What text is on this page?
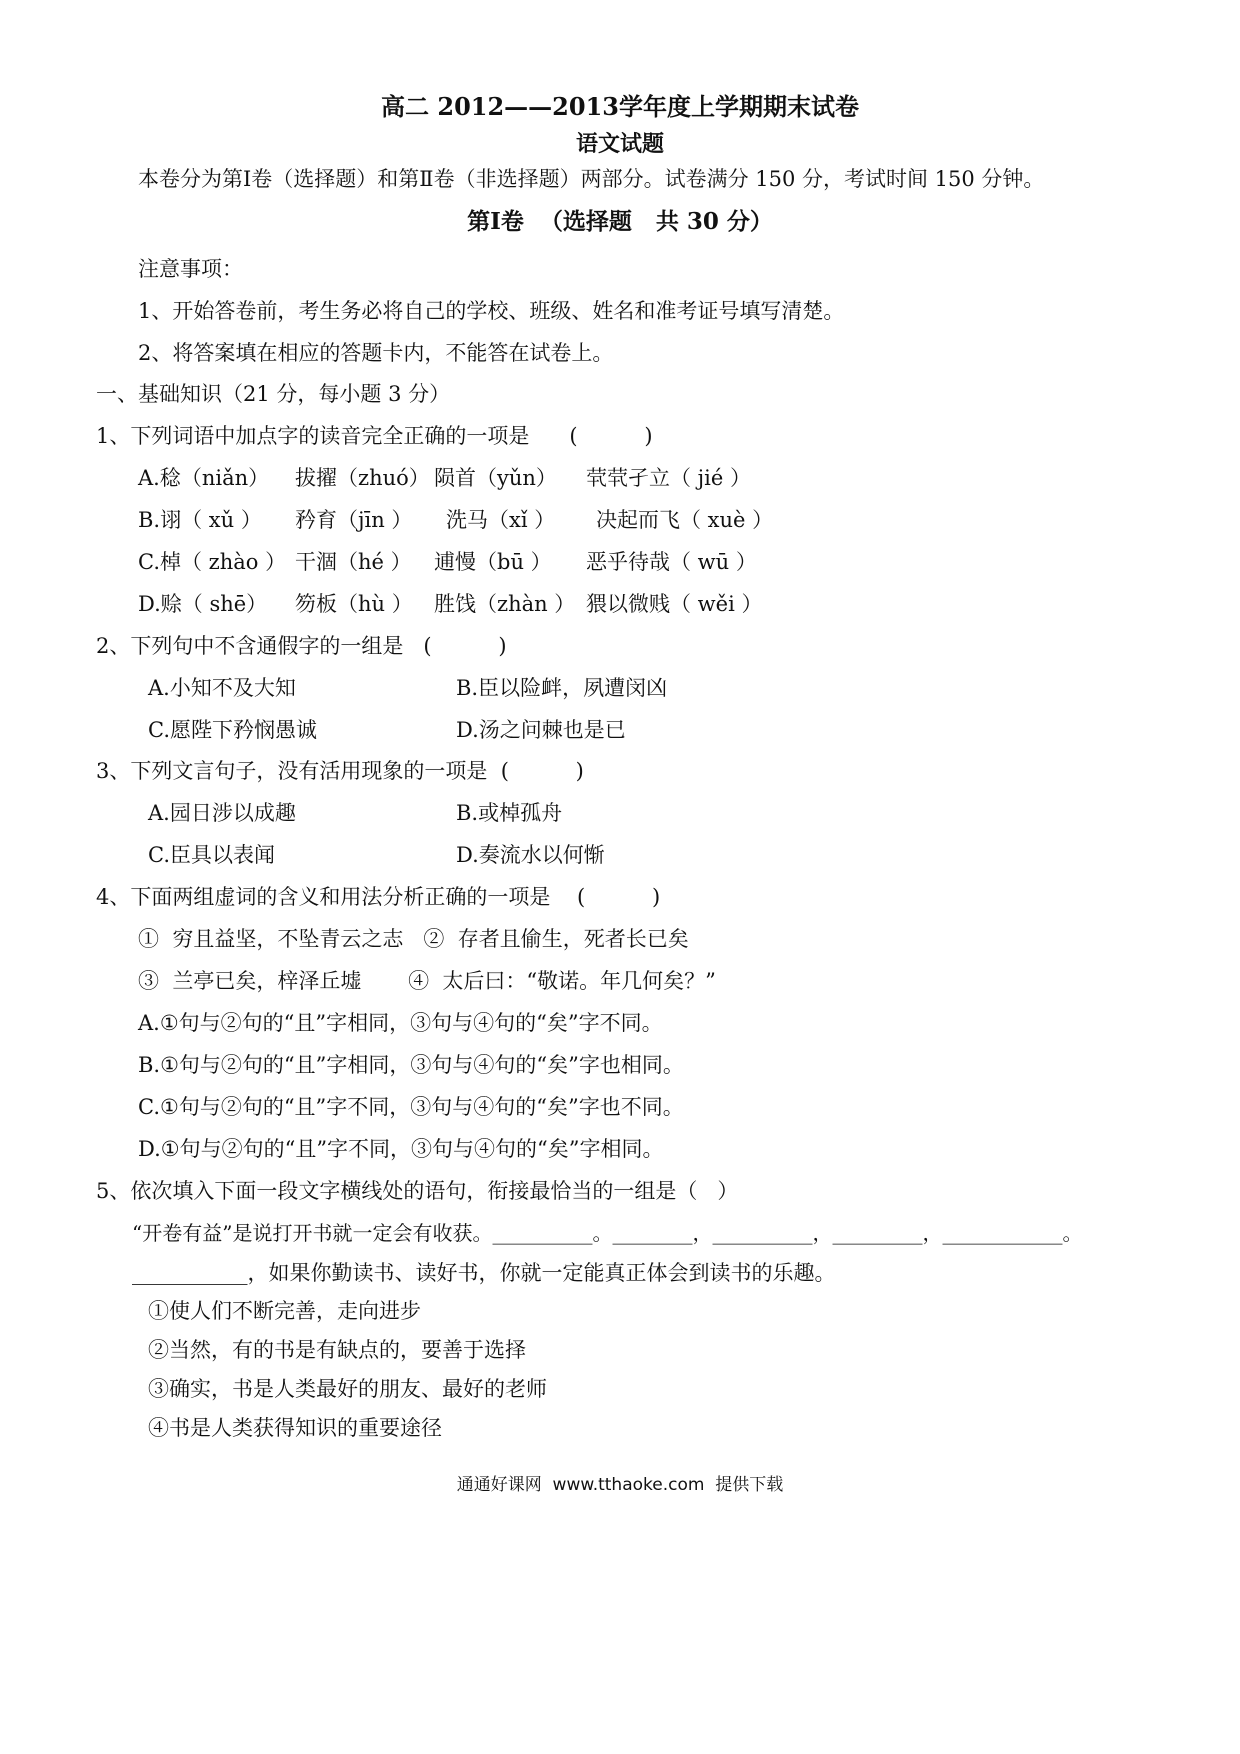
高二 2012——2013学年度上学期期末试卷
语文试题
本卷分为第Ⅰ卷（选择题）和第Ⅱ卷（非选择题）两部分。试卷满分 150 分，考试时间 150 分钟。
第Ⅰ卷  （选择题   共 30 分）
注意事项：
1、开始答卷前，考生务必将自己的学校、班级、姓名和准考证号填写清楚。
2、将答案填在相应的答题卡内，不能答在试卷上。
一、基础知识（21 分，每小题 3 分）
1、下列词语中加点字的读音完全正确的一项是      (          )
A.稔（niǎn） 拔擢（zhuó） 陨首（yǔn） 茕茕孑立（ jié ）
B.诩（ xǔ ） 矜育（jīn ） 洗马（xǐ ） 决起而飞（ xuè ）
C.棹（ zhào ） 干涸（hé ） 逋慢（bū ） 恶乎待哉（ wū ）
D.赊（ shē） 笏板（hù ） 胜饯（zhàn ） 猥以微贱（ wěi ）
2、下列句中不含通假字的一组是   (          )
A.小知不及大知	B.臣以险衅，夙遭闵凶
C.愿陛下矜悯愚诚	D.汤之问棘也是已
3、下列文言句子，没有活用现象的一项是  (          )
A.园日涉以成趣	B.或棹孤舟
C.臣具以表闻	D.奏流水以何惭
4、下面两组虚词的含义和用法分析正确的一项是    (          )
①  穷且益坚，不坠青云之志   ②  存者且偷生，死者长已矣
③  兰亭已矣，梓泽丘墟       ④  太后曰：“敬诺。年几何矣？”
A.①句与②句的“且”字相同，③句与④句的“矣”字不同。
B.①句与②句的“且”字相同，③句与④句的“矣”字也相同。
C.①句与②句的“且”字不同，③句与④句的“矣”字也不同。
D.①句与②句的“且”字不同，③句与④句的“矣”字相同。
5、依次填入下面一段文字横线处的语句，衔接最恰当的一组是（   ）
“开卷有益”是说打开书就一定会有收获。__________。________，__________，_________，____________。
___________，如果你勤读书、读好书，你就一定能真正体会到读书的乐趣。
①使人们不断完善，走向进步
②当然，有的书是有缺点的，要善于选择
③确实，书是人类最好的朋友、最好的老师
④书是人类获得知识的重要途径
通通好课网  www.tthaoke.com  提供下载
